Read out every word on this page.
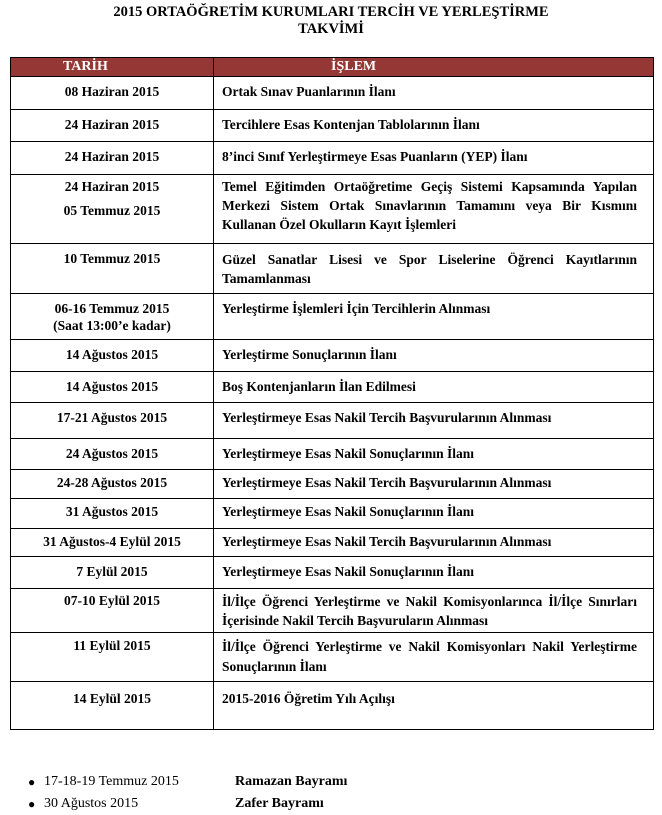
2015 ORTAÖĞRETİM KURUMLARI TERCİH VE YERLEŞTİRME
TAKVİMİ
TARİH	İŞLEM

08 Haziran 2015	Ortak Sınav Puanlarının İlanı

24 Haziran 2015	Tercihlere Esas Kontenjan Tablolarının İlanı

24 Haziran 2015	8’inci Sınıf Yerleştirmeye Esas Puanların (YEP) İlanı

24 Haziran 2015
05 Temmuz 2015	Temel Eğitimden Ortaöğretime Geçiş Sistemi Kapsamında Yapılan Merkezi Sistem Ortak Sınavlarının Tamamını veya Bir Kısmını Kullanan Özel Okulların Kayıt İşlemleri

10 Temmuz 2015	Güzel Sanatlar Lisesi ve Spor Liselerine Öğrenci Kayıtlarının Tamamlanması

06-16 Temmuz 2015
(Saat 13:00’e kadar)	Yerleştirme İşlemleri İçin Tercihlerin Alınması

14 Ağustos 2015	Yerleştirme Sonuçlarının İlanı

14 Ağustos 2015	Boş Kontenjanların İlan Edilmesi

17-21 Ağustos 2015	Yerleştirmeye Esas Nakil Tercih Başvurularının Alınması

24 Ağustos 2015	Yerleştirmeye Esas Nakil Sonuçlarının İlanı

24-28 Ağustos 2015	Yerleştirmeye Esas Nakil Tercih Başvurularının Alınması

31 Ağustos 2015	Yerleştirmeye Esas Nakil Sonuçlarının İlanı

31 Ağustos-4 Eylül 2015	Yerleştirmeye Esas Nakil Tercih Başvurularının Alınması

7 Eylül 2015	Yerleştirmeye Esas Nakil Sonuçlarının İlanı

07-10 Eylül 2015	İl/İlçe Öğrenci Yerleştirme ve Nakil Komisyonlarınca İl/İlçe Sınırları İçerisinde Nakil Tercih Başvuruların Alınması

11 Eylül 2015	İl/İlçe Öğrenci Yerleştirme ve Nakil Komisyonları Nakil Yerleştirme Sonuçlarının İlanı

14 Eylül 2015	2015-2016 Öğretim Yılı Açılışı
● 17-18-19 Temmuz 2015	Ramazan Bayramı
● 30 Ağustos 2015	Zafer Bayramı
